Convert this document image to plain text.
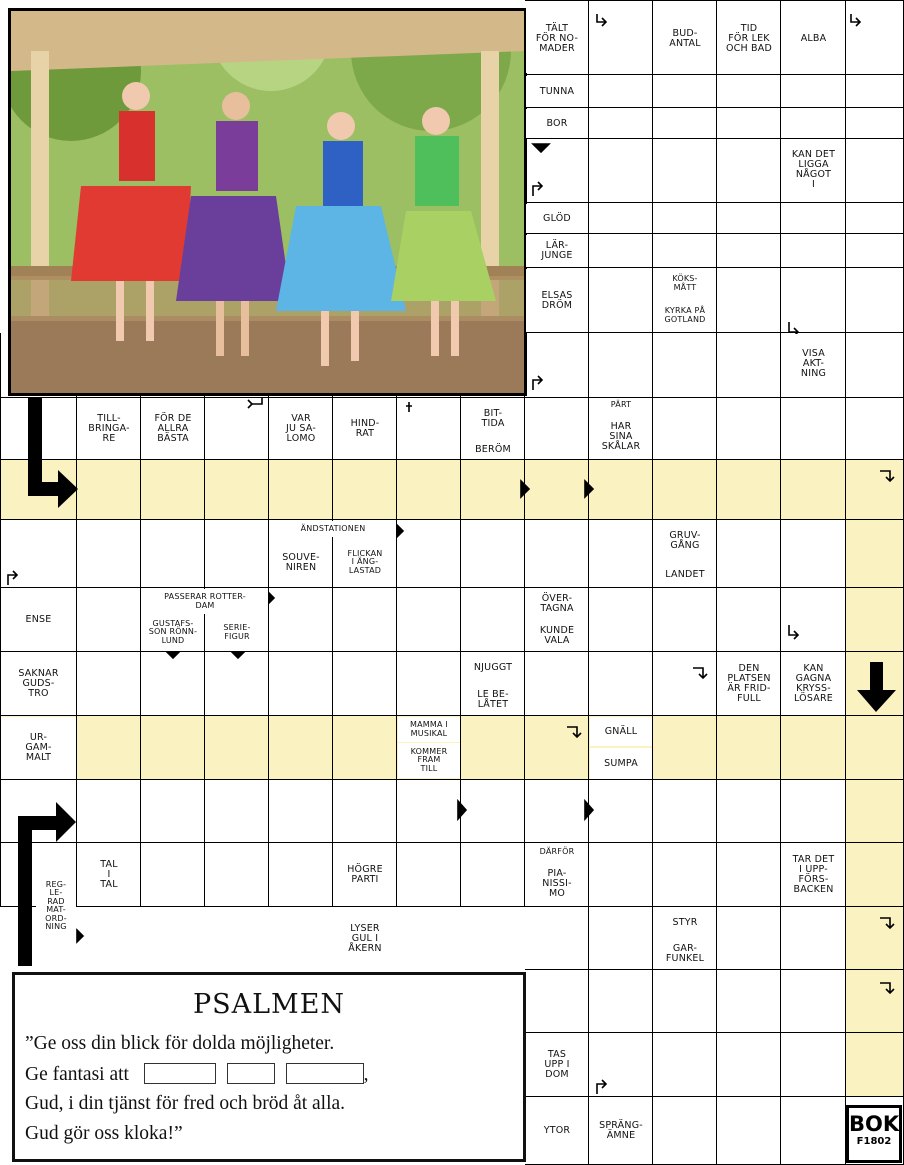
PSALMEN
”Ge oss din blick för dolda möjligheter.
Ge fantasi att	,
Gud, i din tjänst för fred och bröd åt alla.
Gud gör oss kloka!”	BOK
F1802
TÄLT
FÖR NO-
MADER
BUD-
ANTAL
TID
FÖR LEK
OCH BAD
ALBA
TUNNA
BOR
KAN DET
LIGGA
NÅGOT
I
GLÖD
LÄR-
JUNGE
KÖKS-
MÅTT
ELSAS
DRÖM	KYRKA PÅ
GOTLAND
VISA
AKT-
NING
TILL-
BRINGA-
RE
FÖR DE
ALLRA
BÄSTA
VAR
JU SA-
LOMO
HIND-
RAT
BIT-
TIDA
BERÖM
PÄRT
HAR
SINA
SKÅLAR
ÄNDSTATIONEN
SOUVE-
NIREN
FLICKAN
I ÄNG-
LASTAD
GRUV-
GÅNG
LANDET
ENSE
PASSERAR ROTTER-
DAM
GUSTAFS-
SON RÖNN-
LUND
SERIE-
FIGUR
ÖVER-
TAGNA
KUNDE
VALA
SAKNAR
GUDS-
TRO
NJUGGT
LE BE-
LÅTET
DEN
PLATSEN
ÄR FRID-
FULL
KAN
GAGNA
KRYSS-
LÖSARE
UR-
GAM-
MALT
MAMMA I
MUSIKAL
KOMMER
FRAM
TILL
GNÄLL
SUMPA
TAL
I
TAL
HÖGRE
PARTI
DÄRFÖR
PIA-
NISSI-
MO
TAR DET
I UPP-
FÖRS-
BACKEN
LYSER
GUL I
ÅKERN
STYR
GAR-
FUNKEL
TAS
UPP I
DOM
YTOR	SPRÄNG-
ÄMNE
REG-
LE-
RAD
MAT-
ORD-
NING
